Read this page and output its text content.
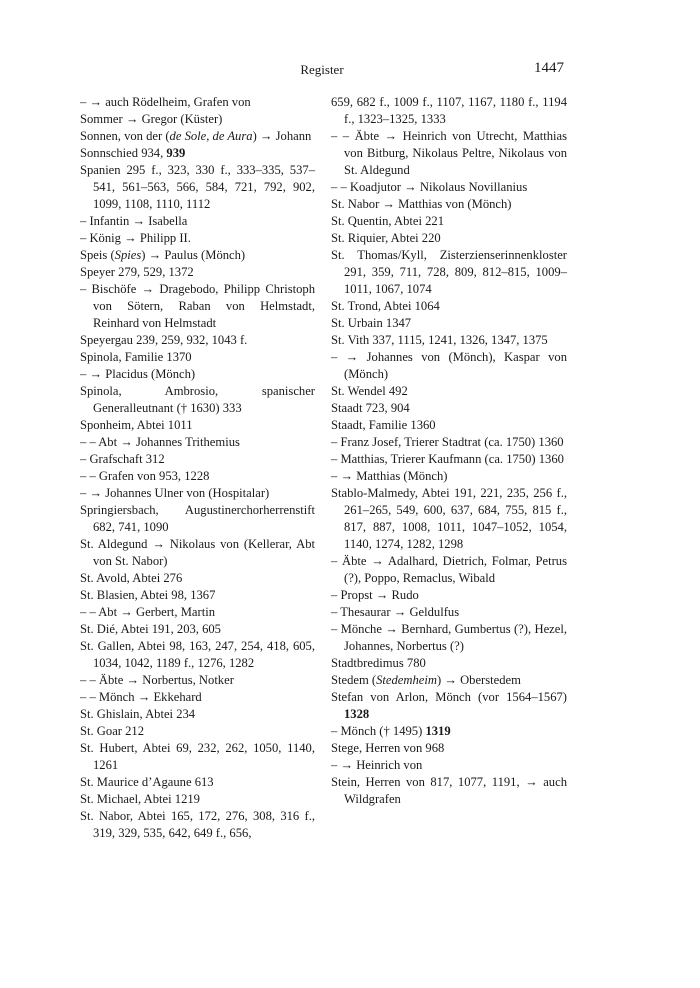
Register	1447
– → auch Rödelheim, Grafen von
Sommer → Gregor (Küster)
Sonnen, von der (de Sole, de Aura) → Johann
Sonnschied 934, 939
Spanien 295 f., 323, 330 f., 333–335, 537–541, 561–563, 566, 584, 721, 792, 902, 1099, 1108, 1110, 1112
– Infantin → Isabella
– König → Philipp II.
Speis (Spies) → Paulus (Mönch)
Speyer 279, 529, 1372
– Bischöfe → Dragebodo, Philipp Christoph von Sötern, Raban von Helmstadt, Reinhard von Helmstadt
Speyergau 239, 259, 932, 1043 f.
Spinola, Familie 1370
– → Placidus (Mönch)
Spinola, Ambrosio, spanischer Generalleutnant († 1630) 333
Sponheim, Abtei 1011
– – Abt → Johannes Trithemius
– Grafschaft 312
– – Grafen von 953, 1228
– → Johannes Ulner von (Hospitalar)
Springiersbach, Augustinerchorherrenstift 682, 741, 1090
St. Aldegund → Nikolaus von (Kellerar, Abt von St. Nabor)
St. Avold, Abtei 276
St. Blasien, Abtei 98, 1367
– – Abt → Gerbert, Martin
St. Dié, Abtei 191, 203, 605
St. Gallen, Abtei 98, 163, 247, 254, 418, 605, 1034, 1042, 1189 f., 1276, 1282
– – Äbte → Norbertus, Notker
– – Mönch → Ekkehard
St. Ghislain, Abtei 234
St. Goar 212
St. Hubert, Abtei 69, 232, 262, 1050, 1140, 1261
St. Maurice d’Agaune 613
St. Michael, Abtei 1219
St. Nabor, Abtei 165, 172, 276, 308, 316 f., 319, 329, 535, 642, 649 f., 656,
659, 682 f., 1009 f., 1107, 1167, 1180 f., 1194 f., 1323–1325, 1333
– – Äbte → Heinrich von Utrecht, Matthias von Bitburg, Nikolaus Peltre, Nikolaus von St. Aldegund
– – Koadjutor → Nikolaus Novillanius
St. Nabor → Matthias von (Mönch)
St. Quentin, Abtei 221
St. Riquier, Abtei 220
St. Thomas/Kyll, Zisterzienserinnenkloster 291, 359, 711, 728, 809, 812–815, 1009–1011, 1067, 1074
St. Trond, Abtei 1064
St. Urbain 1347
St. Vith 337, 1115, 1241, 1326, 1347, 1375
– → Johannes von (Mönch), Kaspar von (Mönch)
St. Wendel 492
Staadt 723, 904
Staadt, Familie 1360
– Franz Josef, Trierer Stadtrat (ca. 1750) 1360
– Matthias, Trierer Kaufmann (ca. 1750) 1360
– → Matthias (Mönch)
Stablo-Malmedy, Abtei 191, 221, 235, 256 f., 261–265, 549, 600, 637, 684, 755, 815 f., 817, 887, 1008, 1011, 1047–1052, 1054, 1140, 1274, 1282, 1298
– Äbte → Adalhard, Dietrich, Folmar, Petrus (?), Poppo, Remaclus, Wibald
– Propst → Rudo
– Thesaurar → Geldulfus
– Mönche → Bernhard, Gumbertus (?), Hezel, Johannes, Norbertus (?)
Stadtbredimus 780
Stedem (Stedemheim) → Oberstedem
Stefan von Arlon, Mönch (vor 1564–1567) 1328
– Mönch († 1495) 1319
Stege, Herren von 968
– → Heinrich von
Stein, Herren von 817, 1077, 1191, → auch Wildgrafen
